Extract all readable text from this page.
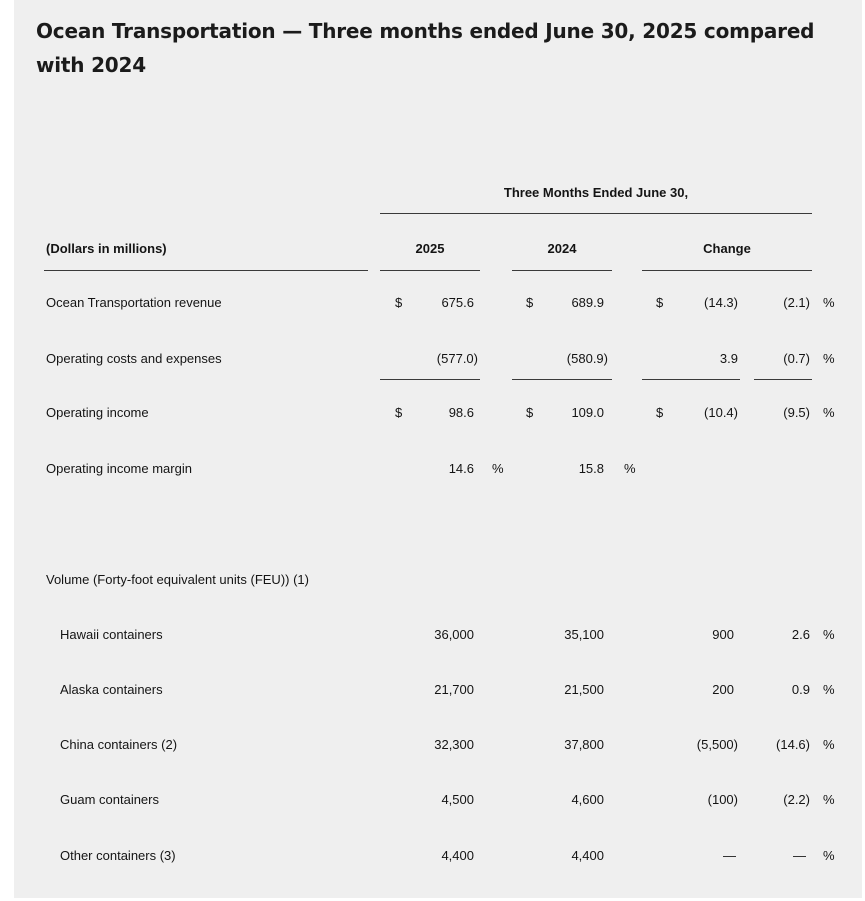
Ocean Transportation — Three months ended June 30, 2025 compared with 2024
Three Months Ended June 30,
(Dollars in millions)	2025	2024	Change
Ocean Transportation revenue	$	675.6	$	689.9	$	(14.3)	(2.1) %
Operating costs and expenses	(577.0)	(580.9)	3.9	(0.7) %
Operating income	$	98.6	$	109.0	$	(10.4)	(9.5) %
Operating income margin	14.6 %	15.8 %
Volume (Forty-foot equivalent units (FEU)) (1)
Hawaii containers	36,000	35,100	900	2.6 %
Alaska containers	21,700	21,500	200	0.9 %
China containers (2)	32,300	37,800	(5,500)	(14.6) %
Guam containers	4,500	4,600	(100)	(2.2) %
Other containers (3)	4,400	4,400	—	— %
